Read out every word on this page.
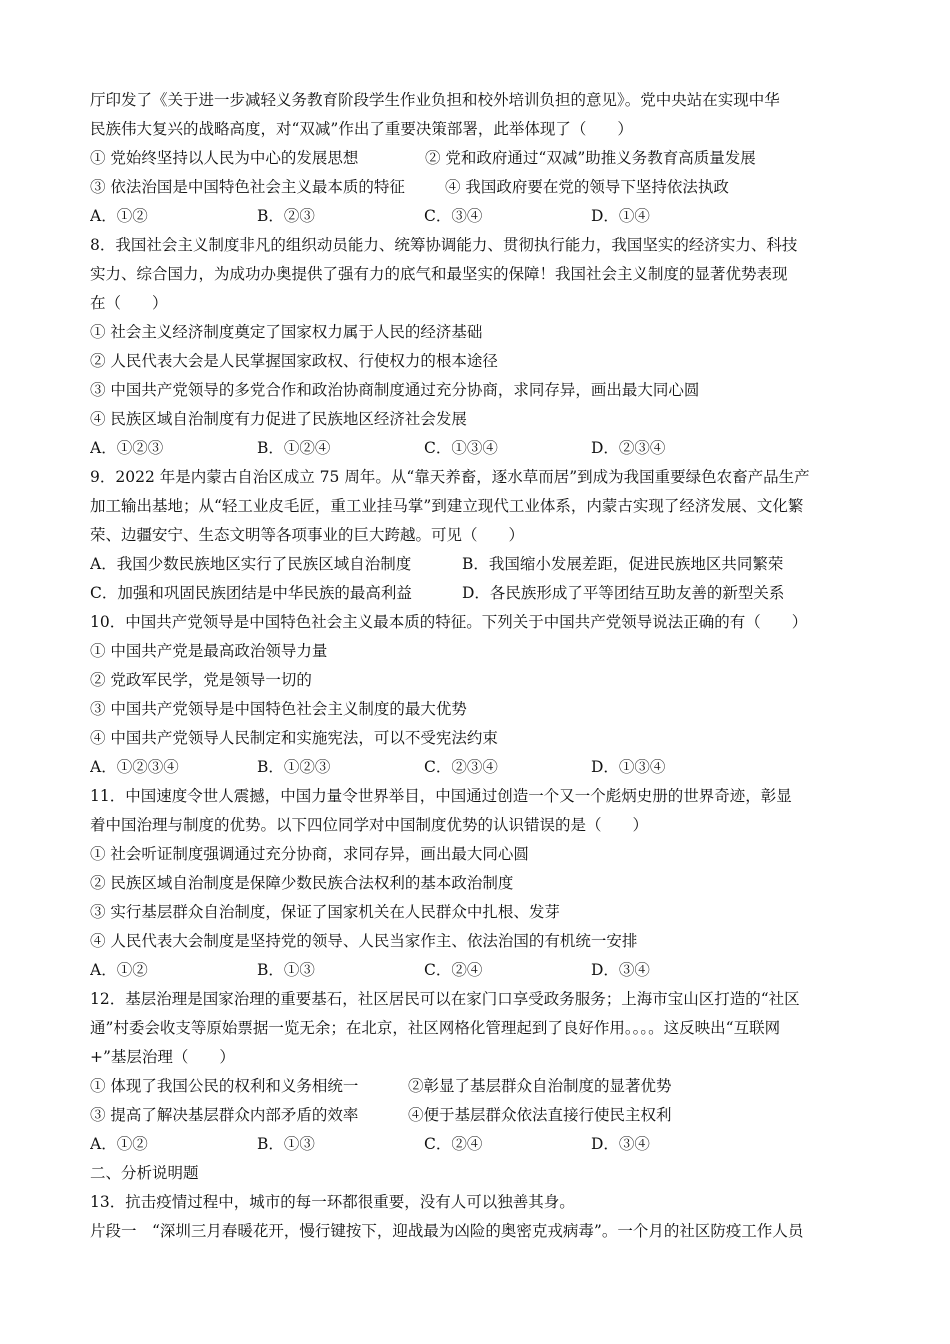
厅印发了《关于进一步减轻义务教育阶段学生作业负担和校外培训负担的意见》。党中央站在实现中华
民族伟大复兴的战略高度，对“双减”作出了重要决策部署，此举体现了（　　）
① 党始终坚持以人民为中心的发展思想	② 党和政府通过“双减”助推义务教育高质量发展
③ 依法治国是中国特色社会主义最本质的特征	④ 我国政府要在党的领导下坚持依法执政
A．①②	B．②③	C．③④	D．①④
8．我国社会主义制度非凡的组织动员能力、统筹协调能力、贯彻执行能力，我国坚实的经济实力、科技
实力、综合国力，为成功办奥提供了强有力的底气和最坚实的保障！我国社会主义制度的显著优势表现
在（　　）
① 社会主义经济制度奠定了国家权力属于人民的经济基础
② 人民代表大会是人民掌握国家政权、行使权力的根本途径
③ 中国共产党领导的多党合作和政治协商制度通过充分协商，求同存异，画出最大同心圆
④ 民族区域自治制度有力促进了民族地区经济社会发展
A．①②③	B．①②④	C．①③④	D．②③④
9．2022 年是内蒙古自治区成立 75 周年。从“靠天养畜，逐水草而居”到成为我国重要绿色农畜产品生产
加工输出基地；从“轻工业皮毛匠，重工业挂马掌”到建立现代工业体系，内蒙古实现了经济发展、文化繁
荣、边疆安宁、生态文明等各项事业的巨大跨越。可见（　　）
A．我国少数民族地区实行了民族区域自治制度	B．我国缩小发展差距，促进民族地区共同繁荣
C．加强和巩固民族团结是中华民族的最高利益	D．各民族形成了平等团结互助友善的新型关系
10．中国共产党领导是中国特色社会主义最本质的特征。下列关于中国共产党领导说法正确的有（　　）
① 中国共产党是最高政治领导力量
② 党政军民学，党是领导一切的
③ 中国共产党领导是中国特色社会主义制度的最大优势
④ 中国共产党领导人民制定和实施宪法，可以不受宪法约束
A．①②③④	B．①②③	C．②③④	D．①③④
11．中国速度令世人震撼，中国力量令世界举目，中国通过创造一个又一个彪炳史册的世界奇迹，彰显
着中国治理与制度的优势。以下四位同学对中国制度优势的认识错误的是（　　）
① 社会听证制度强调通过充分协商，求同存异，画出最大同心圆
② 民族区域自治制度是保障少数民族合法权利的基本政治制度
③ 实行基层群众自治制度，保证了国家机关在人民群众中扎根、发芽
④ 人民代表大会制度是坚持党的领导、人民当家作主、依法治国的有机统一安排
A．①②	B．①③	C．②④	D．③④
12．基层治理是国家治理的重要基石，社区居民可以在家门口享受政务服务；上海市宝山区打造的“社区
通”村委会收支等原始票据一览无余；在北京，社区网格化管理起到了良好作用。。。。这反映出“互联网
+”基层治理（　　）
① 体现了我国公民的权利和义务相统一	②彰显了基层群众自治制度的显著优势
③ 提高了解决基层群众内部矛盾的效率	④便于基层群众依法直接行使民主权利
A．①②	B．①③	C．②④	D．③④
二、分析说明题
13．抗击疫情过程中，城市的每一环都很重要，没有人可以独善其身。
片段一　“深圳三月春暖花开，慢行键按下，迎战最为凶险的奥密克戎病毒”。一个月的社区防疫工作人员
